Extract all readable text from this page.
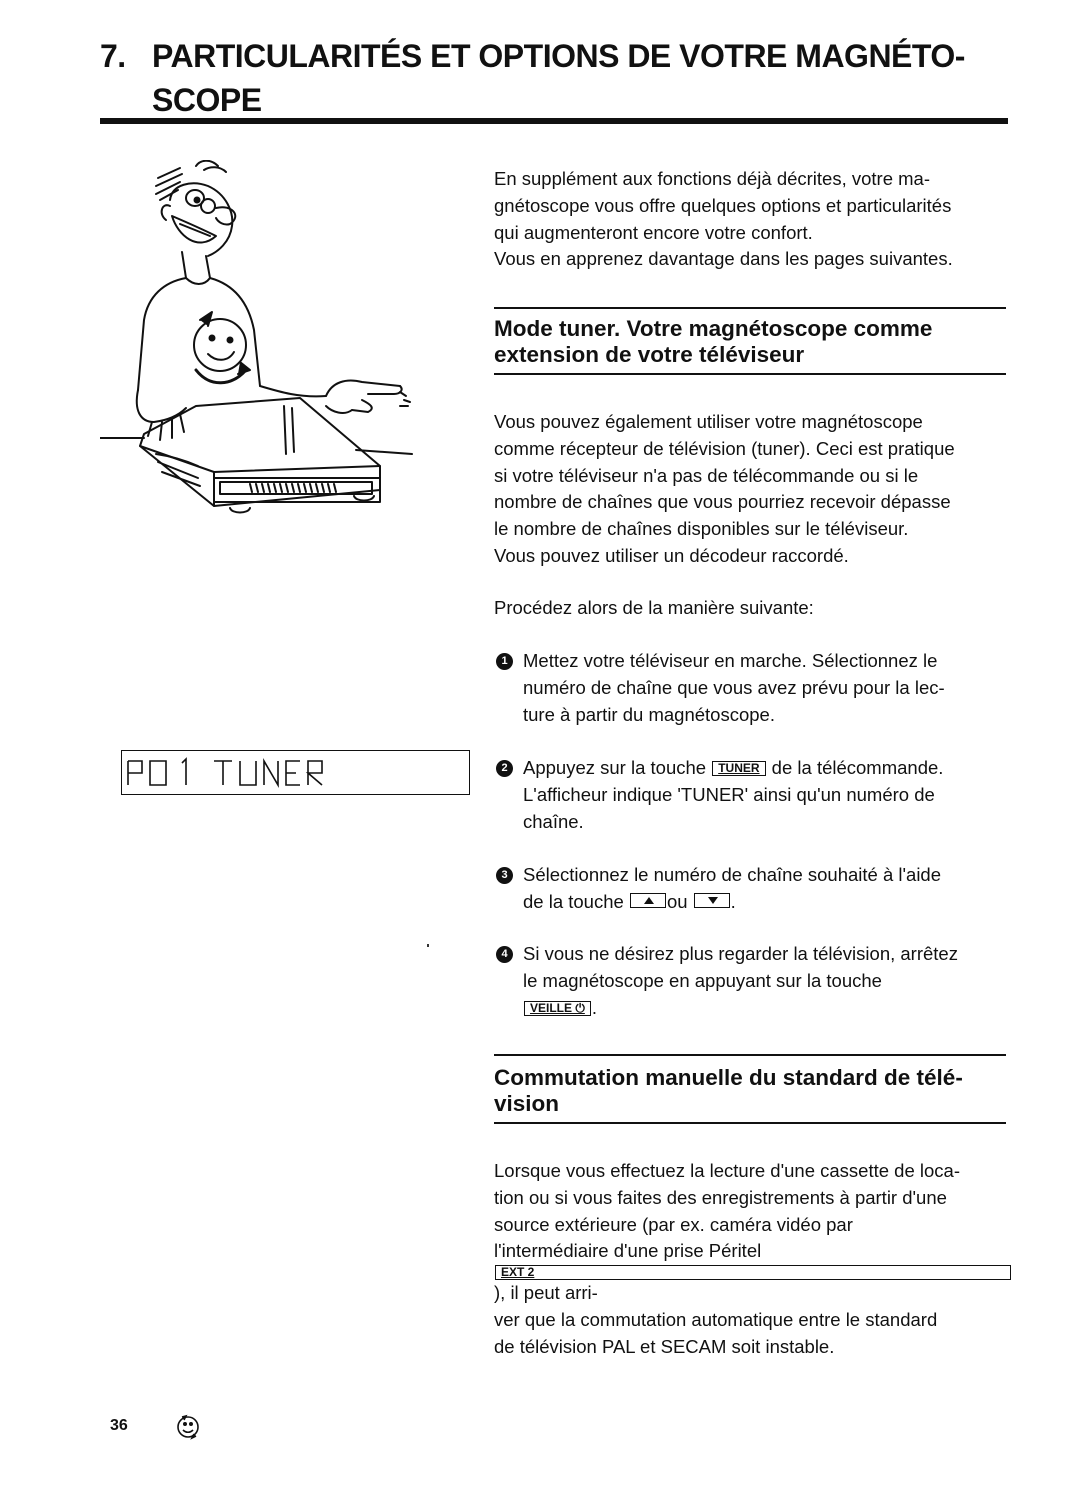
7. PARTICULARITÉS ET OPTIONS DE VOTRE MAGNÉTO-
SCOPE

En supplément aux fonctions déjà décrites, votre ma-
gnétoscope vous offre quelques options et particularités
qui augmenteront encore votre confort.
Vous en apprenez davantage dans les pages suivantes.

Mode tuner. Votre magnétoscope comme
extension de votre téléviseur

Vous pouvez également utiliser votre magnétoscope
comme récepteur de télévision (tuner). Ceci est pratique
si votre téléviseur n'a pas de télécommande ou si le
nombre de chaînes que vous pourriez recevoir dépasse
le nombre de chaînes disponibles sur le téléviseur.
Vous pouvez utiliser un décodeur raccordé.

Procédez alors de la manière suivante:

1 Mettez votre téléviseur en marche. Sélectionnez le
numéro de chaîne que vous avez prévu pour la lec-
ture à partir du magnétoscope.
2 Appuyez sur la touche TUNER de la télécommande.
L'afficheur indique 'TUNER' ainsi qu'un numéro de
chaîne.
3 Sélectionnez le numéro de chaîne souhaité à l'aide
de la touche
ou .
4 Si vous ne désirez plus regarder la télévision, arrêtez
le magnétoscope en appuyant sur la touche
VEILLE ⏻ .
Commutation manuelle du standard de télé-
vision

Lorsque vous effectuez la lecture d'une cassette de loca-
tion ou si vous faites des enregistrements à partir d'une
source extérieure (par ex. caméra vidéo par
l'intermédiaire d'une prise Péritel
EXT 2
), il peut arri-
ver que la commutation automatique entre le standard
de télévision PAL et SECAM soit instable.

36
